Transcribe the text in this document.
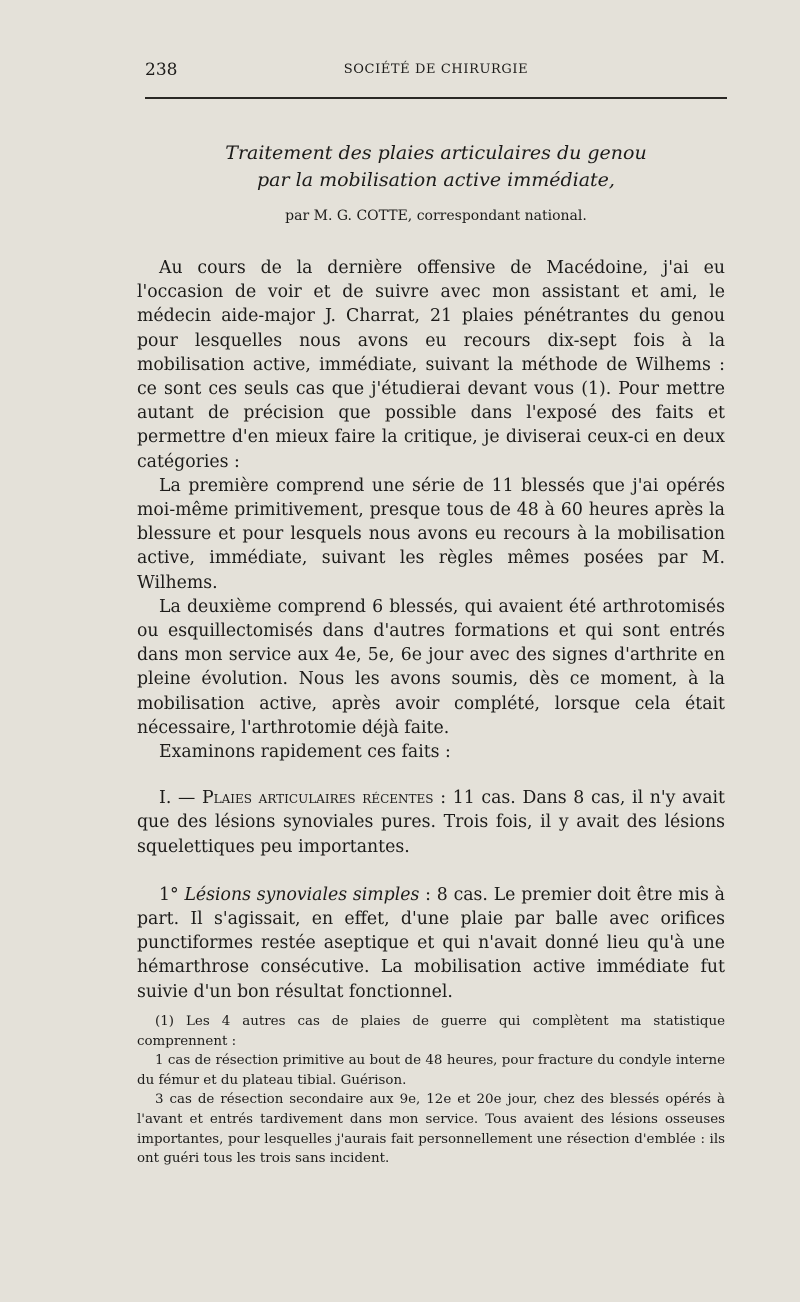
238	SOCIÉTÉ DE CHIRURGIE
Traitement des plaies articulaires du genou
par la mobilisation active immédiate,
par M. G. COTTE, correspondant national.

Au cours de la dernière offensive de Macédoine, j'ai eu l'occasion de voir et de suivre avec mon assistant et ami, le médecin aide-major J. Charrat, 21 plaies pénétrantes du genou pour lesquelles nous avons eu recours dix-sept fois à la mobilisation active, immédiate, suivant la méthode de Wilhems : ce sont ces seuls cas que j'étudierai devant vous (1). Pour mettre autant de précision que possible dans l'exposé des faits et permettre d'en mieux faire la critique, je diviserai ceux-ci en deux catégories :

La première comprend une série de 11 blessés que j'ai opérés moi-même primitivement, presque tous de 48 à 60 heures après la blessure et pour lesquels nous avons eu recours à la mobilisation active, immédiate, suivant les règles mêmes posées par M. Wilhems.

La deuxième comprend 6 blessés, qui avaient été arthrotomisés ou esquillectomisés dans d'autres formations et qui sont entrés dans mon service aux 4e, 5e, 6e jour avec des signes d'arthrite en pleine évolution. Nous les avons soumis, dès ce moment, à la mobilisation active, après avoir complété, lorsque cela était nécessaire, l'arthrotomie déjà faite.

Examinons rapidement ces faits :

I. — Plaies articulaires récentes : 11 cas. Dans 8 cas, il n'y avait que des lésions synoviales pures. Trois fois, il y avait des lésions squelettiques peu importantes.

1° Lésions synoviales simples : 8 cas. Le premier doit être mis à part. Il s'agissait, en effet, d'une plaie par balle avec orifices punctiformes restée aseptique et qui n'avait donné lieu qu'à une hémarthrose consécutive. La mobilisation active immédiate fut suivie d'un bon résultat fonctionnel.

(1) Les 4 autres cas de plaies de guerre qui complètent ma statistique comprennent :

1 cas de résection primitive au bout de 48 heures, pour fracture du condyle interne du fémur et du plateau tibial. Guérison.

3 cas de résection secondaire aux 9e, 12e et 20e jour, chez des blessés opérés à l'avant et entrés tardivement dans mon service. Tous avaient des lésions osseuses importantes, pour lesquelles j'aurais fait personnellement une résection d'emblée : ils ont guéri tous les trois sans incident.
